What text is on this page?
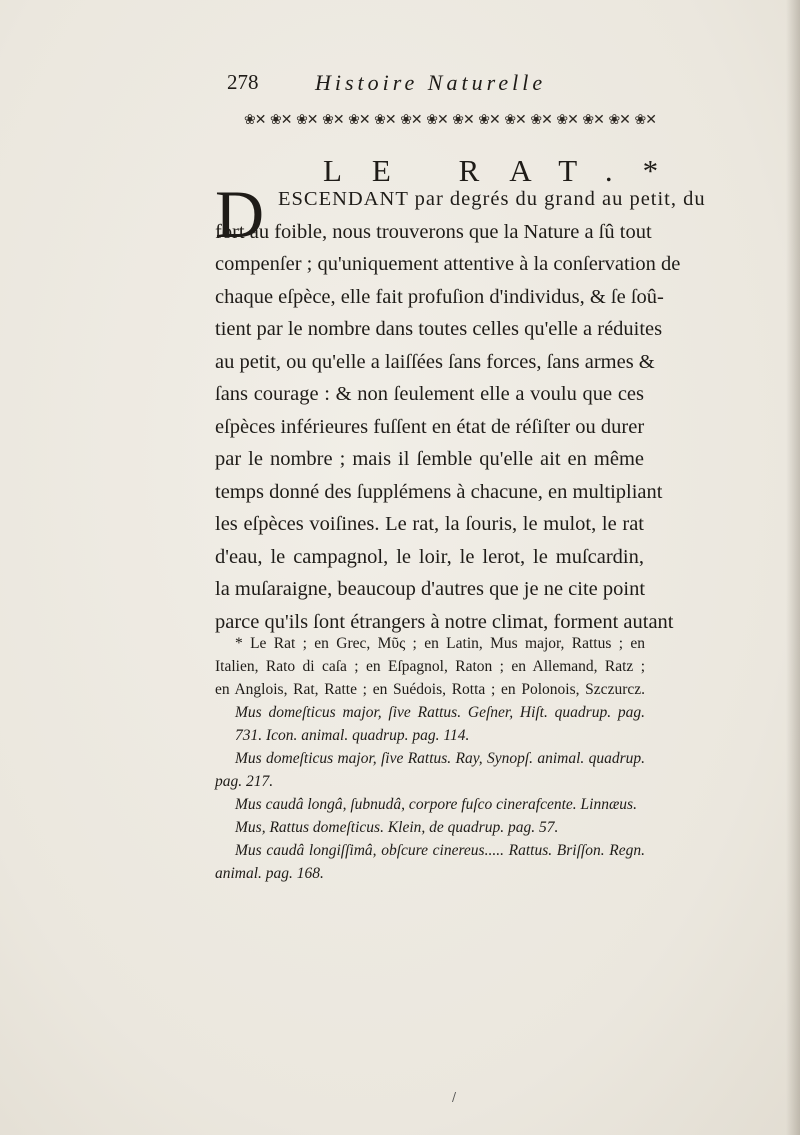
278	Histoire Naturelle
❀✕ ❀✕ ❀✕ ❀✕ ❀✕ ❀✕ ❀✕ ❀✕ ❀✕ ❀✕ ❀✕ ❀✕ ❀✕ ❀✕ ❀✕ ❀✕
LE RAT.*
D ESCENDANT par degrés du grand au petit, du
fort au foible, nous trouverons que la Nature a ſû tout
compenſer ; qu'uniquement attentive à la conſervation de
chaque eſpèce, elle fait profuſion d'individus, & ſe ſoû-
tient par le nombre dans toutes celles qu'elle a réduites
au petit, ou qu'elle a laiſſées ſans forces, ſans armes &
ſans courage : & non ſeulement elle a voulu que ces
eſpèces inférieures fuſſent en état de réſiſter ou durer
par le nombre ; mais il ſemble qu'elle ait en même
temps donné des ſupplémens à chacune, en multipliant
les eſpèces voiſines. Le rat, la ſouris, le mulot, le rat
d'eau, le campagnol, le loir, le lerot, le muſcardin,
la muſaraigne, beaucoup d'autres que je ne cite point
parce qu'ils ſont étrangers à notre climat, forment autant
* Le Rat ; en Grec, Μῦς ; en Latin, Mus major, Rattus ; en
Italien, Rato di caſa ; en Eſpagnol, Raton ; en Allemand, Ratz ;
en Anglois, Rat, Ratte ; en Suédois, Rotta ; en Polonois, Szczurcz.
Mus domeſticus major, ſive Rattus. Geſner, Hiſt. quadrup. pag.
731. Icon. animal. quadrup. pag. 114.
Mus domeſticus major, ſive Rattus. Ray, Synopſ. animal. quadrup.
pag. 217.
Mus caudâ longâ, ſubnudâ, corpore fuſco cinerafcente. Linnæus.
Mus, Rattus domeſticus. Klein, de quadrup. pag. 57.
Mus caudâ longiſſimâ, obſcure cinereus..... Rattus. Briſſon. Regn.
animal. pag. 168.
/
